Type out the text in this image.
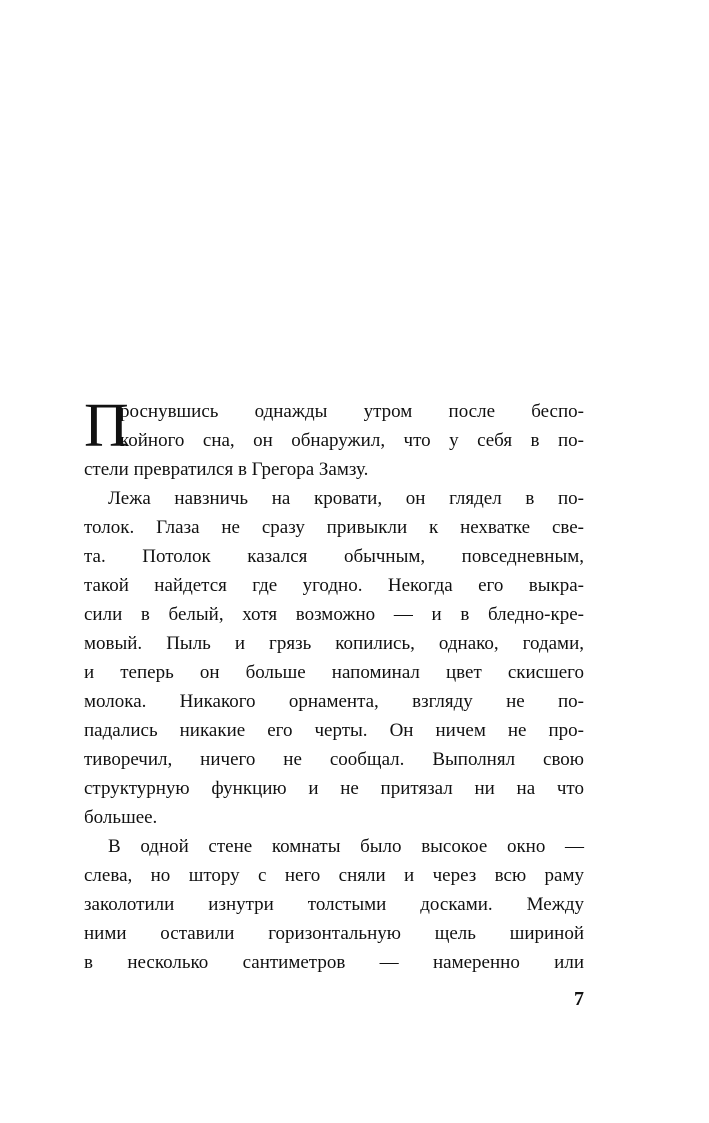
П
роснувшись однажды утром после беспо-
койного сна, он обнаружил, что у себя в по-
стели превратился в Грегора Замзу.
Лежа навзничь на кровати, он глядел в по-
толок. Глаза не сразу привыкли к нехватке све-
та. Потолок казался обычным, повседневным,
такой найдется где угодно. Некогда его выкра-
сили в белый, хотя возможно — и в бледно-кре-
мовый. Пыль и грязь копились, однако, годами,
и теперь он больше напоминал цвет скисшего
молока. Никакого орнамента, взгляду не по-
падались никакие его черты. Он ничем не про-
тиворечил, ничего не сообщал. Выполнял свою
структурную функцию и не притязал ни на что
большее.
В одной стене комнаты было высокое окно —
слева, но штору с него сняли и через всю раму
заколотили изнутри толстыми досками. Между
ними оставили горизонтальную щель шириной
в несколько сантиметров — намеренно или
7
